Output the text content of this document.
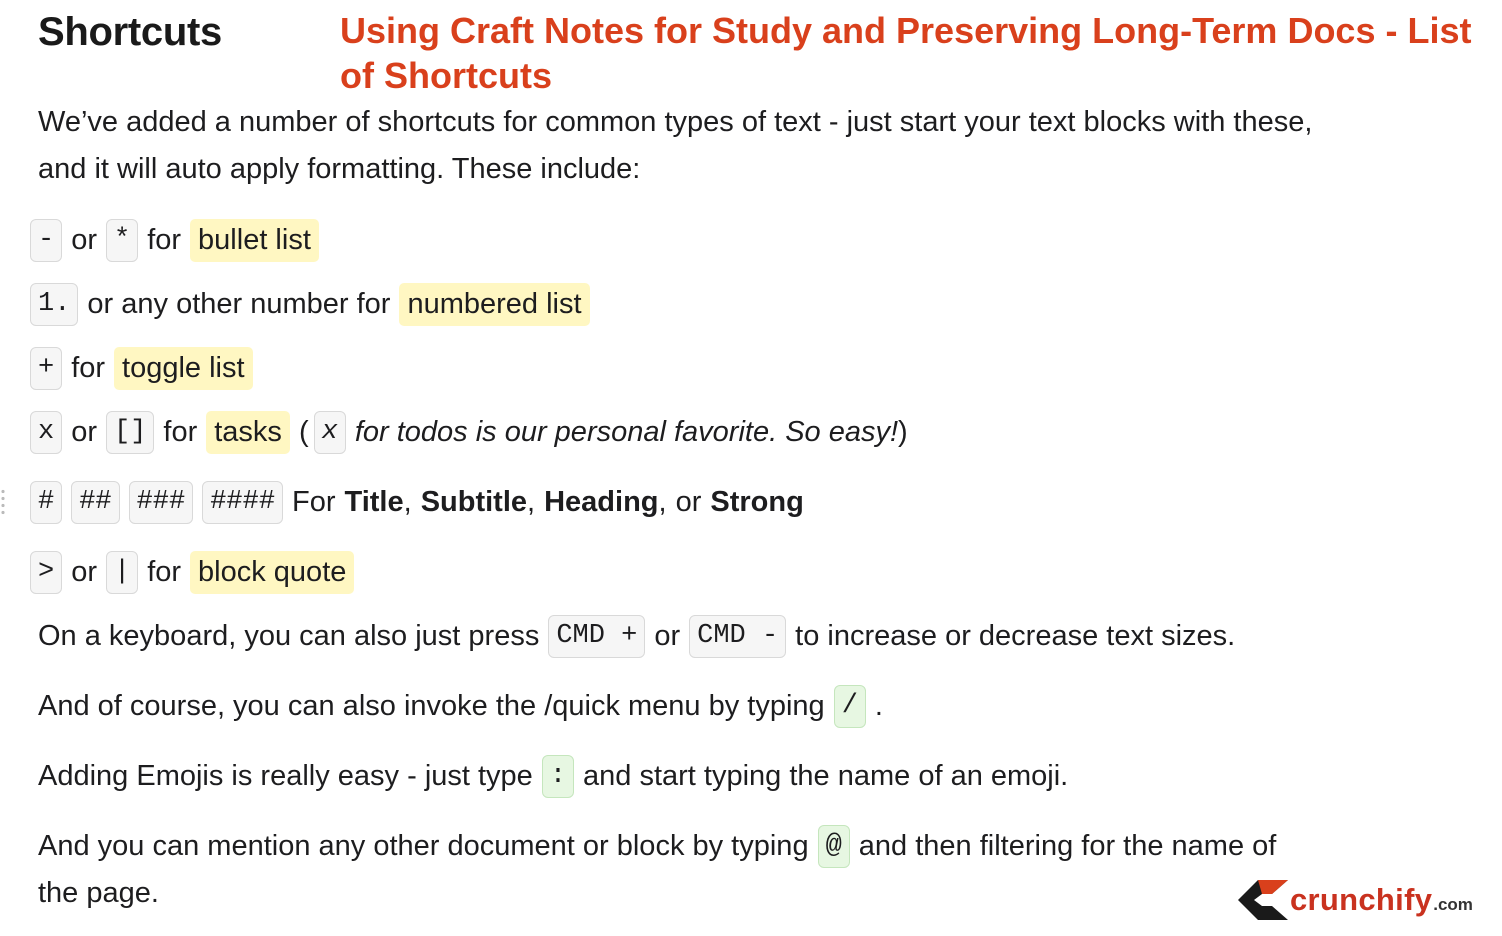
Shortcuts	Using Craft Notes for Study and Preserving Long-Term Docs - List of Shortcuts
We’ve added a number of shortcuts for common types of text - just start your text blocks with these, and it will auto apply formatting. These include:
- or * for bullet list
1. or any other number for numbered list
+ for toggle list
x or [] for tasks ( x for todos is our personal favorite. So easy! )
# ## ### #### For Title , Subtitle , Heading , or Strong
> or | for block quote
On a keyboard, you can also just press CMD + or CMD - to increase or decrease text sizes.
And of course, you can also invoke the /quick menu by typing / .
Adding Emojis is really easy - just type : and start typing the name of an emoji.
And you can mention any other document or block by typing @ and then filtering for the name of
the page.	crunchify .com
